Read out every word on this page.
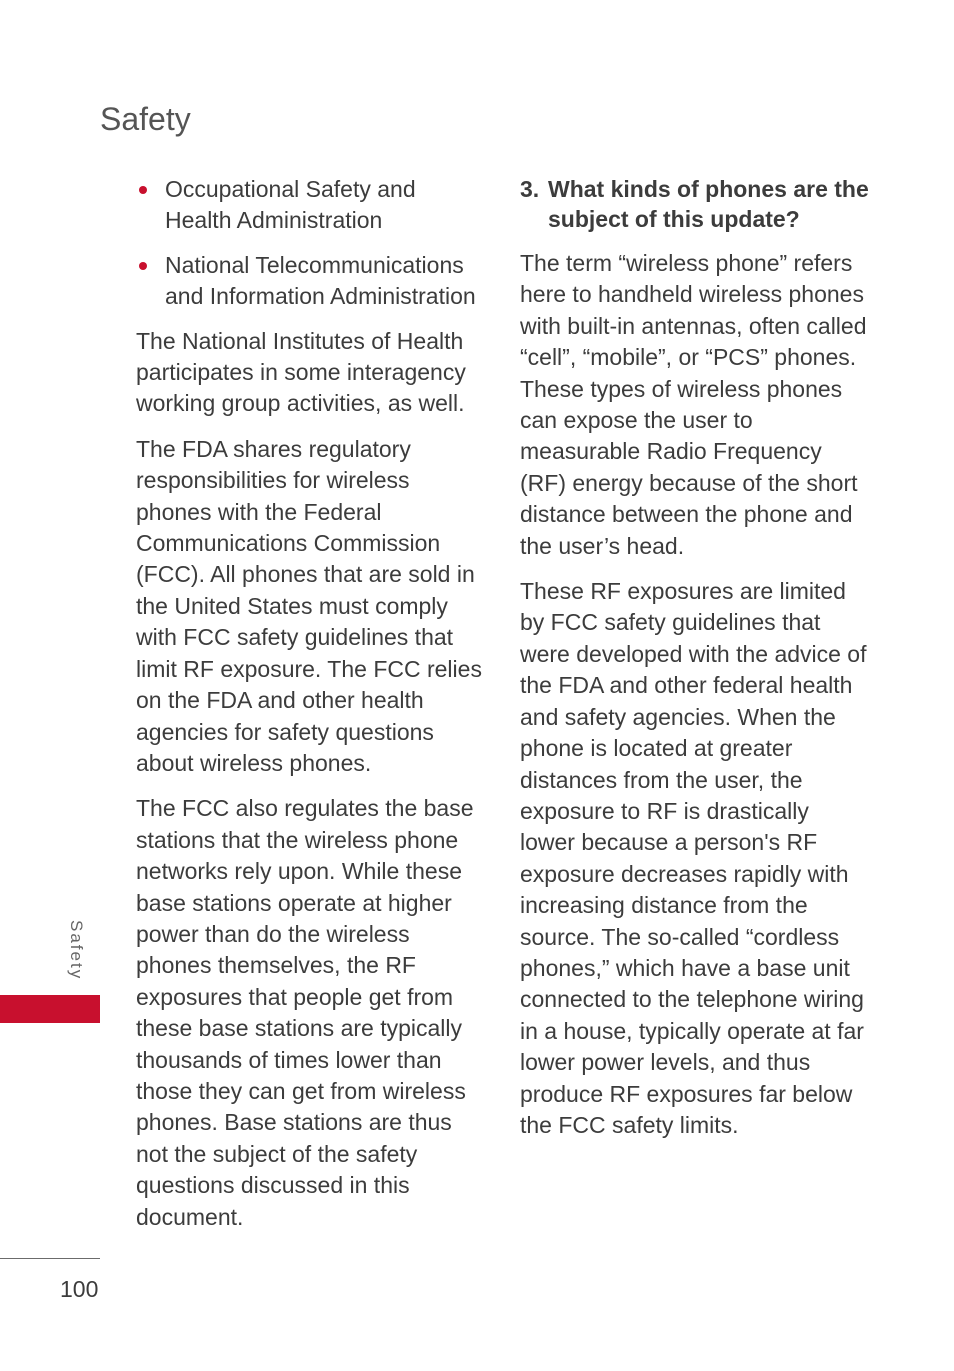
Safety
Occupational Safety and Health Administration
National Telecommunications and Information Administration

The National Institutes of Health participates in some interagency working group activities, as well.

The FDA shares regulatory responsibilities for wireless phones with the Federal Communications Commission (FCC). All phones that are sold in the United States must comply with FCC safety guidelines that limit RF exposure. The FCC relies on the FDA and other health agencies for safety questions about wireless phones.

The FCC also regulates the base stations that the wireless phone networks rely upon. While these base stations operate at higher power than do the wireless phones themselves, the RF exposures that people get from these base stations are typically thousands of times lower than those they can get from wireless phones. Base stations are thus not the subject of the safety questions discussed in this document.

3. What kinds of phones are the subject of this update?

The term “wireless phone” refers here to handheld wireless phones with built-in antennas, often called “cell”, “mobile”, or “PCS” phones. These types of wireless phones can expose the user to measurable Radio Frequency (RF) energy because of the short distance between the phone and the user’s head.

These RF exposures are limited by FCC safety guidelines that were developed with the advice of the FDA and other federal health and safety agencies. When the phone is located at greater distances from the user, the exposure to RF is drastically lower because a person's RF exposure decreases rapidly with increasing distance from the source. The so-called “cordless phones,” which have a base unit connected to the telephone wiring in a house, typically operate at far lower power levels, and thus produce RF exposures far below the FCC safety limits.

Safety
100
